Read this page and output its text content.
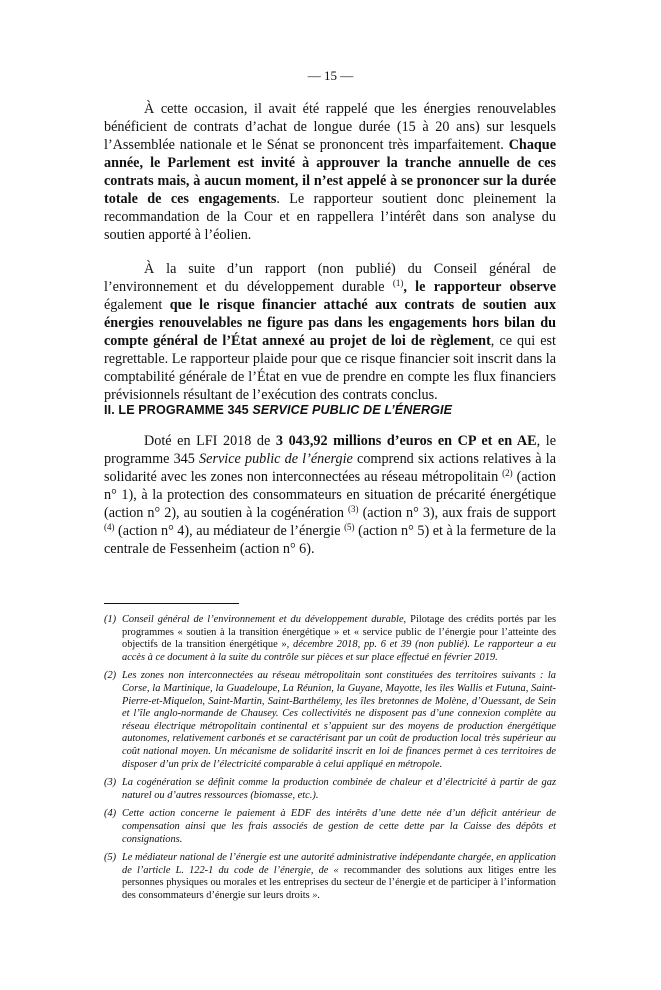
— 15 —

À cette occasion, il avait été rappelé que les énergies renouvelables bénéficient de contrats d’achat de longue durée (15 à 20 ans) sur lesquels l’Assemblée nationale et le Sénat se prononcent très imparfaitement. Chaque année, le Parlement est invité à approuver la tranche annuelle de ces contrats mais, à aucun moment, il n’est appelé à se prononcer sur la durée totale de ces engagements. Le rapporteur soutient donc pleinement la recommandation de la Cour et en rappellera l’intérêt dans son analyse du soutien apporté à l’éolien.

À la suite d’un rapport (non publié) du Conseil général de l’environnement et du développement durable $^{(1)}$, le rapporteur observe également que le risque financier attaché aux contrats de soutien aux énergies renouvelables ne figure pas dans les engagements hors bilan du compte général de l’État annexé au projet de loi de règlement, ce qui est regrettable. Le rapporteur plaide pour que ce risque financier soit inscrit dans la comptabilité générale de l’État en vue de prendre en compte les flux financiers prévisionnels résultant de l’exécution des contrats conclus.

II. LE PROGRAMME 345 SERVICE PUBLIC DE L’ÉNERGIE

Doté en LFI 2018 de 3 043,92 millions d’euros en CP et en AE, le programme 345 Service public de l’énergie comprend six actions relatives à la solidarité avec les zones non interconnectées au réseau métropolitain $^{(2)}$ (action n° 1), à la protection des consommateurs en situation de précarité énergétique (action n° 2), au soutien à la cogénération $^{(3)}$ (action n° 3), aux frais de support $^{(4)}$ (action n° 4), au médiateur de l’énergie $^{(5)}$ (action n° 5) et à la fermeture de la centrale de Fessenheim (action n° 6).

(1) Conseil général de l’environnement et du développement durable, Pilotage des crédits portés par les programmes « soutien à la transition énergétique » et « service public de l’énergie pour l’atteinte des objectifs de la transition énergétique », décembre 2018, pp. 6 et 39 (non publié). Le rapporteur a eu accès à ce document à la suite du contrôle sur pièces et sur place effectué en février 2019.
(2) Les zones non interconnectées au réseau métropolitain sont constituées des territoires suivants : la Corse, la Martinique, la Guadeloupe, La Réunion, la Guyane, Mayotte, les îles Wallis et Futuna, Saint-Pierre-et-Miquelon, Saint-Martin, Saint-Barthélemy, les îles bretonnes de Molène, d’Ouessant, de Sein et l’île anglo-normande de Chausey. Ces collectivités ne disposent pas d’une connexion complète au réseau électrique métropolitain continental et s’appuient sur des moyens de production énergétique autonomes, relativement carbonés et se caractérisant par un coût de production local très supérieur au coût national moyen. Un mécanisme de solidarité inscrit en loi de finances permet à ces territoires de disposer d’un prix de l’électricité comparable à celui appliqué en métropole.
(3) La cogénération se définit comme la production combinée de chaleur et d’électricité à partir de gaz naturel ou d’autres ressources (biomasse, etc.).
(4) Cette action concerne le paiement à EDF des intérêts d’une dette née d’un déficit antérieur de compensation ainsi que les frais associés de gestion de cette dette par la Caisse des dépôts et consignations.
(5) Le médiateur national de l’énergie est une autorité administrative indépendante chargée, en application de l’article L. 122-1 du code de l’énergie, de « recommander des solutions aux litiges entre les personnes physiques ou morales et les entreprises du secteur de l’énergie et de participer à l’information des consommateurs d’énergie sur leurs droits ».
